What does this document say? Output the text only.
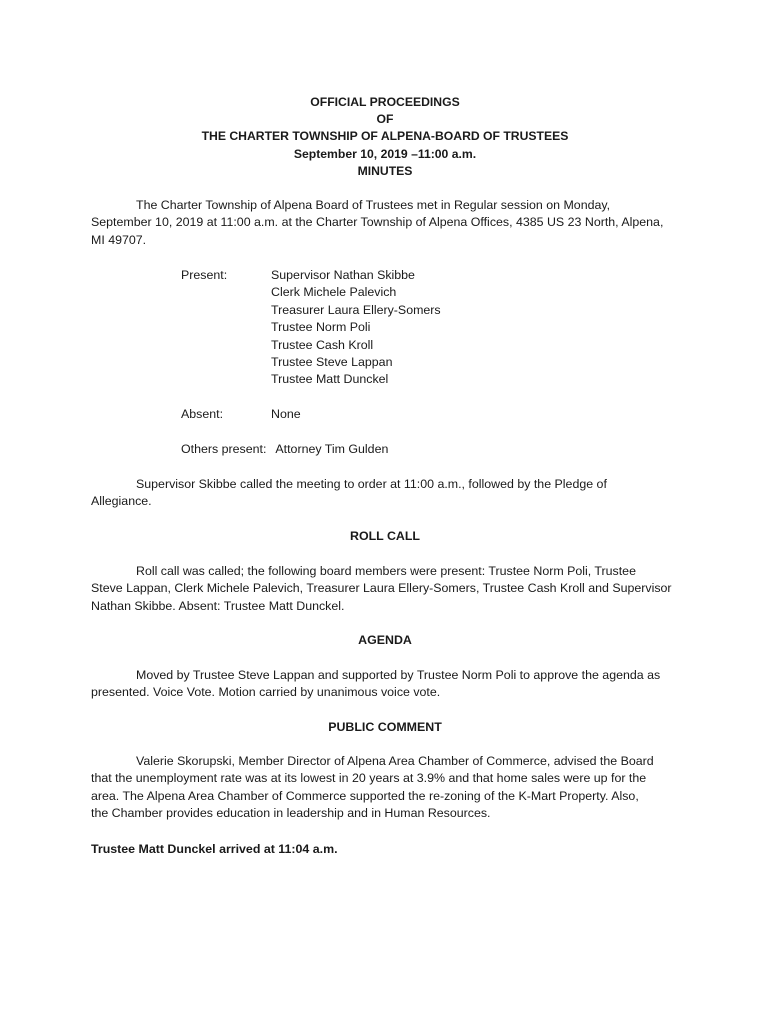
OFFICIAL PROCEEDINGS
OF
THE CHARTER TOWNSHIP OF ALPENA-BOARD OF TRUSTEES
September 10, 2019 –11:00 a.m.
MINUTES
The Charter Township of Alpena Board of Trustees met in Regular session on Monday,
September 10, 2019 at 11:00 a.m. at the Charter Township of Alpena Offices, 4385 US 23 North, Alpena,
MI 49707.
Present:	Supervisor Nathan Skibbe
Clerk Michele Palevich
Treasurer Laura Ellery-Somers
Trustee Norm Poli
Trustee Cash Kroll
Trustee Steve Lappan
Trustee Matt Dunckel
Absent:	None
Others present: Attorney Tim Gulden
Supervisor Skibbe called the meeting to order at 11:00 a.m., followed by the Pledge of
Allegiance.
ROLL CALL
Roll call was called; the following board members were present: Trustee Norm Poli, Trustee
Steve Lappan, Clerk Michele Palevich, Treasurer Laura Ellery-Somers, Trustee Cash Kroll and Supervisor
Nathan Skibbe. Absent: Trustee Matt Dunckel.
AGENDA
Moved by Trustee Steve Lappan and supported by Trustee Norm Poli to approve the agenda as
presented. Voice Vote. Motion carried by unanimous voice vote.
PUBLIC COMMENT
Valerie Skorupski, Member Director of Alpena Area Chamber of Commerce, advised the Board
that the unemployment rate was at its lowest in 20 years at 3.9% and that home sales were up for the
area. The Alpena Area Chamber of Commerce supported the re-zoning of the K-Mart Property. Also,
the Chamber provides education in leadership and in Human Resources.
Trustee Matt Dunckel arrived at 11:04 a.m.
